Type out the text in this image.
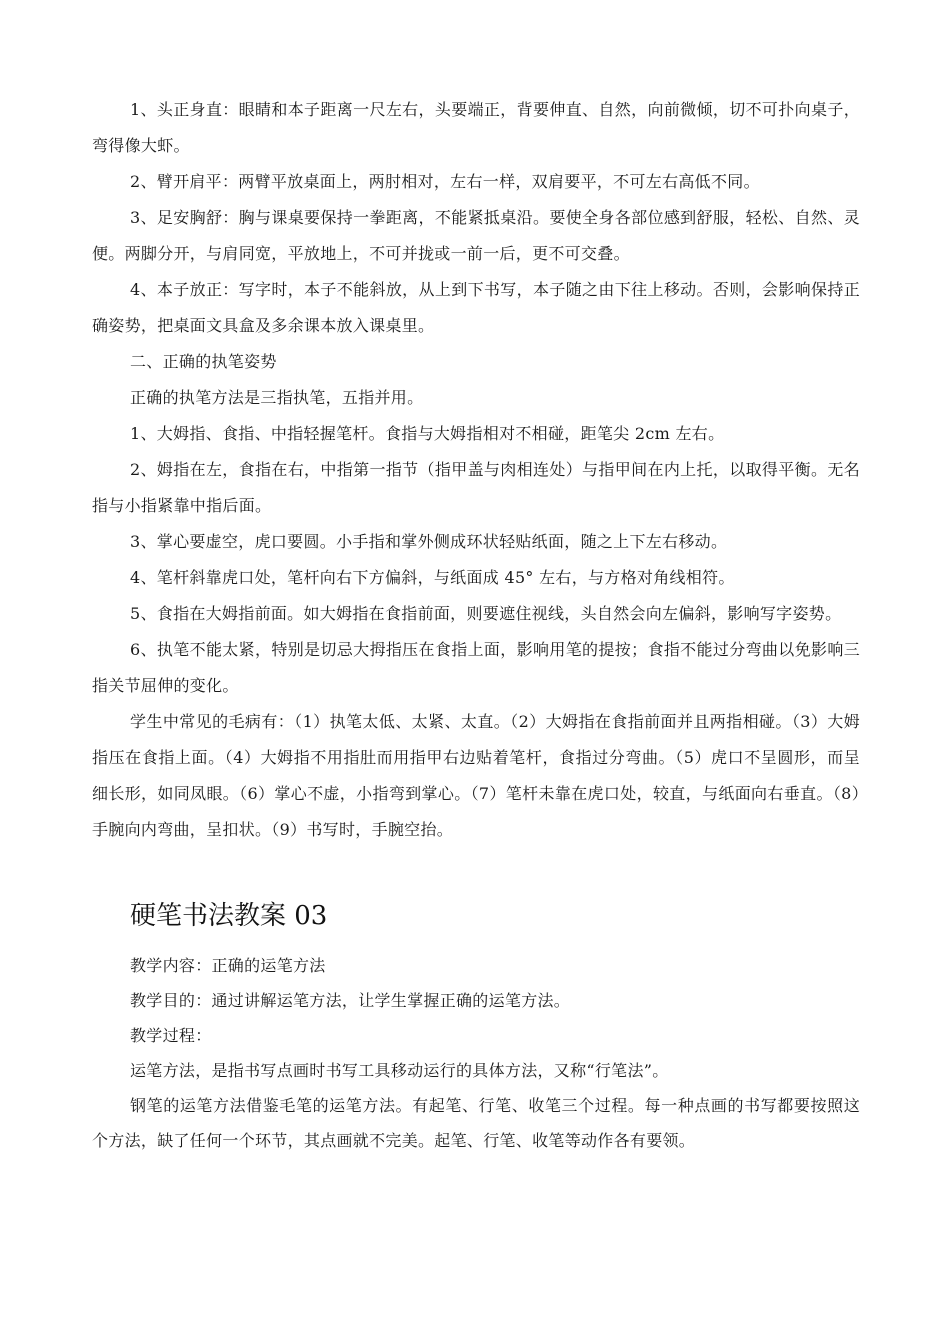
1、头正身直：眼睛和本子距离一尺左右，头要端正，背要伸直、自然，向前微倾，切不可扑向桌子，弯得像大虾。

2、臂开肩平：两臂平放桌面上，两肘相对，左右一样，双肩要平，不可左右高低不同。

3、足安胸舒：胸与课桌要保持一拳距离，不能紧抵桌沿。要使全身各部位感到舒服，轻松、自然、灵便。两脚分开，与肩同宽，平放地上，不可并拢或一前一后，更不可交叠。

4、本子放正：写字时，本子不能斜放，从上到下书写，本子随之由下往上移动。否则，会影响保持正确姿势，把桌面文具盒及多余课本放入课桌里。

二、正确的执笔姿势

正确的执笔方法是三指执笔，五指并用。

1、大姆指、食指、中指轻握笔杆。食指与大姆指相对不相碰，距笔尖 2cm 左右。

2、姆指在左，食指在右，中指第一指节（指甲盖与肉相连处）与指甲间在内上托，以取得平衡。无名指与小指紧靠中指后面。

3、掌心要虚空，虎口要圆。小手指和掌外侧成环状轻贴纸面，随之上下左右移动。

4、笔杆斜靠虎口处，笔杆向右下方偏斜，与纸面成 45° 左右，与方格对角线相符。

5、食指在大姆指前面。如大姆指在食指前面，则要遮住视线，头自然会向左偏斜，影响写字姿势。

6、执笔不能太紧，特别是切忌大拇指压在食指上面，影响用笔的提按；食指不能过分弯曲以免影响三指关节屈伸的变化。

学生中常见的毛病有：（1）执笔太低、太紧、太直。（2）大姆指在食指前面并且两指相碰。（3）大姆指压在食指上面。（4）大姆指不用指肚而用指甲右边贴着笔杆，食指过分弯曲。（5）虎口不呈圆形，而呈细长形，如同凤眼。（6）掌心不虚，小指弯到掌心。（7）笔杆未靠在虎口处，较直，与纸面向右垂直。（8）手腕向内弯曲，呈扣状。（9）书写时，手腕空抬。

硬笔书法教案 03

教学内容：正确的运笔方法

教学目的：通过讲解运笔方法，让学生掌握正确的运笔方法。

教学过程：

运笔方法，是指书写点画时书写工具移动运行的具体方法，又称“行笔法”。

钢笔的运笔方法借鉴毛笔的运笔方法。有起笔、行笔、收笔三个过程。每一种点画的书写都要按照这个方法，缺了任何一个环节，其点画就不完美。起笔、行笔、收笔等动作各有要领。
